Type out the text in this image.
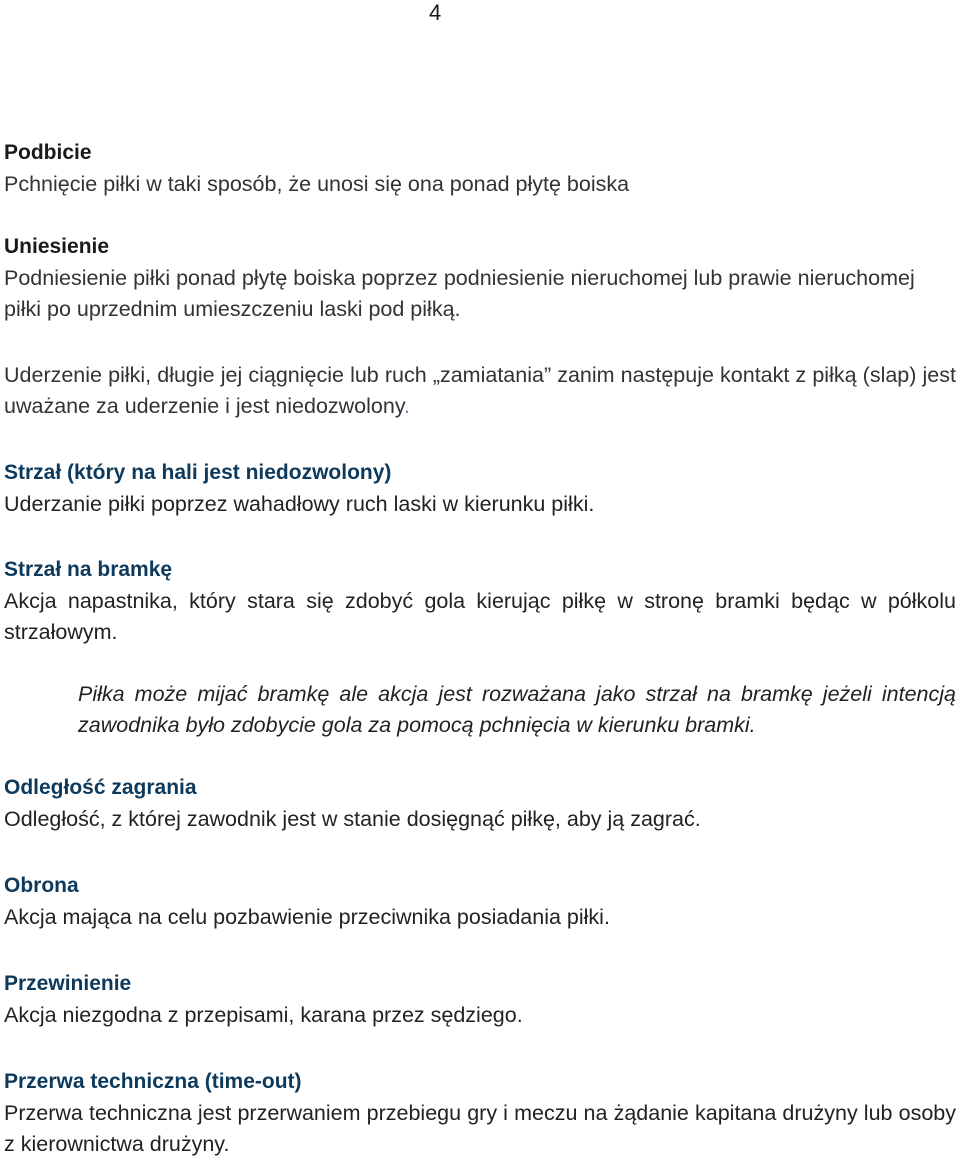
4
Podbicie

Pchnięcie piłki w taki sposób, że unosi się ona ponad płytę boiska

Uniesienie

Podniesienie piłki ponad płytę boiska poprzez podniesienie nieruchomej lub prawie nieruchomej piłki po uprzednim umieszczeniu laski pod piłką.

Uderzenie piłki, długie jej ciągnięcie lub ruch „zamiatania” zanim następuje kontakt z piłką (slap) jest uważane za uderzenie i jest niedozwolony.

Strzał (który na hali jest niedozwolony)

Uderzanie piłki poprzez wahadłowy ruch laski w kierunku piłki.

Strzał na bramkę

Akcja napastnika, który stara się zdobyć gola kierując piłkę w stronę bramki będąc w półkolu strzałowym.

Piłka może mijać bramkę ale akcja jest rozważana jako strzał na bramkę jeżeli intencją zawodnika było zdobycie gola za pomocą pchnięcia w kierunku bramki.

Odległość zagrania

Odległość, z której zawodnik jest w stanie dosięgnąć piłkę, aby ją zagrać.

Obrona

Akcja mająca na celu pozbawienie przeciwnika posiadania piłki.

Przewinienie

Akcja niezgodna z przepisami, karana przez sędziego.

Przerwa techniczna (time-out)

Przerwa techniczna jest przerwaniem przebiegu gry i meczu na żądanie kapitana drużyny lub osoby z kierownictwa drużyny.
